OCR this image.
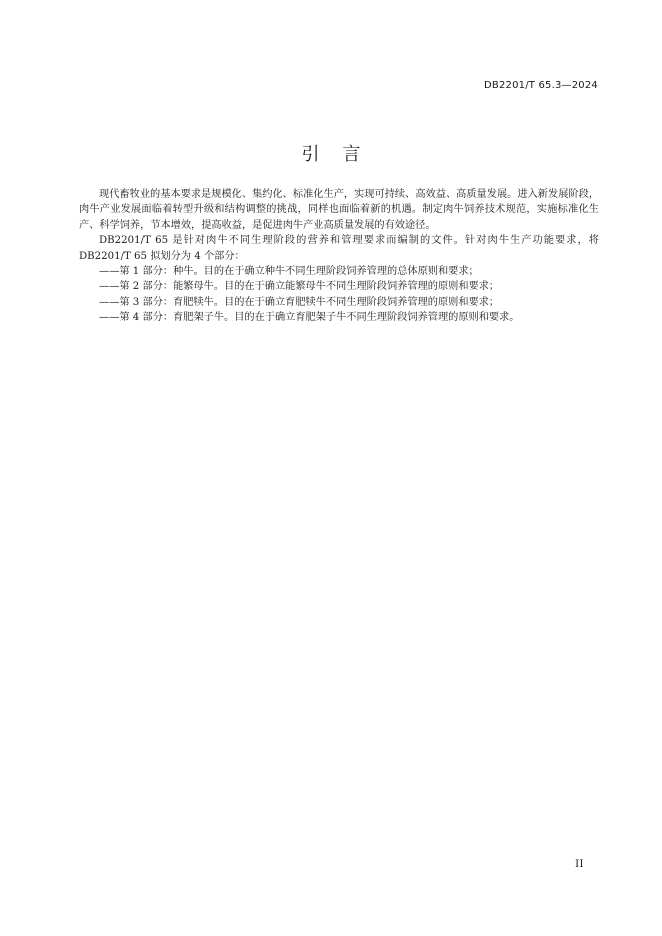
DB2201/T 65.3—2024
引    言

现代畜牧业的基本要求是规模化、集约化、标准化生产，实现可持续、高效益、高质量发展。进入新发展阶段，肉牛产业发展面临着转型升级和结构调整的挑战，同样也面临着新的机遇。制定肉牛饲养技术规范，实施标准化生产、科学饲养，节本增效，提高收益，是促进肉牛产业高质量发展的有效途径。

DB2201/T 65 是针对肉牛不同生理阶段的营养和管理要求而编制的文件。针对肉牛生产功能要求，将 DB2201/T 65 拟划分为 4 个部分：

——第 1 部分：种牛。目的在于确立种牛不同生理阶段饲养管理的总体原则和要求；
——第 2 部分：能繁母牛。目的在于确立能繁母牛不同生理阶段饲养管理的原则和要求；
——第 3 部分：育肥犊牛。目的在于确立育肥犊牛不同生理阶段饲养管理的原则和要求；
——第 4 部分：育肥架子牛。目的在于确立育肥架子牛不同生理阶段饲养管理的原则和要求。
II
